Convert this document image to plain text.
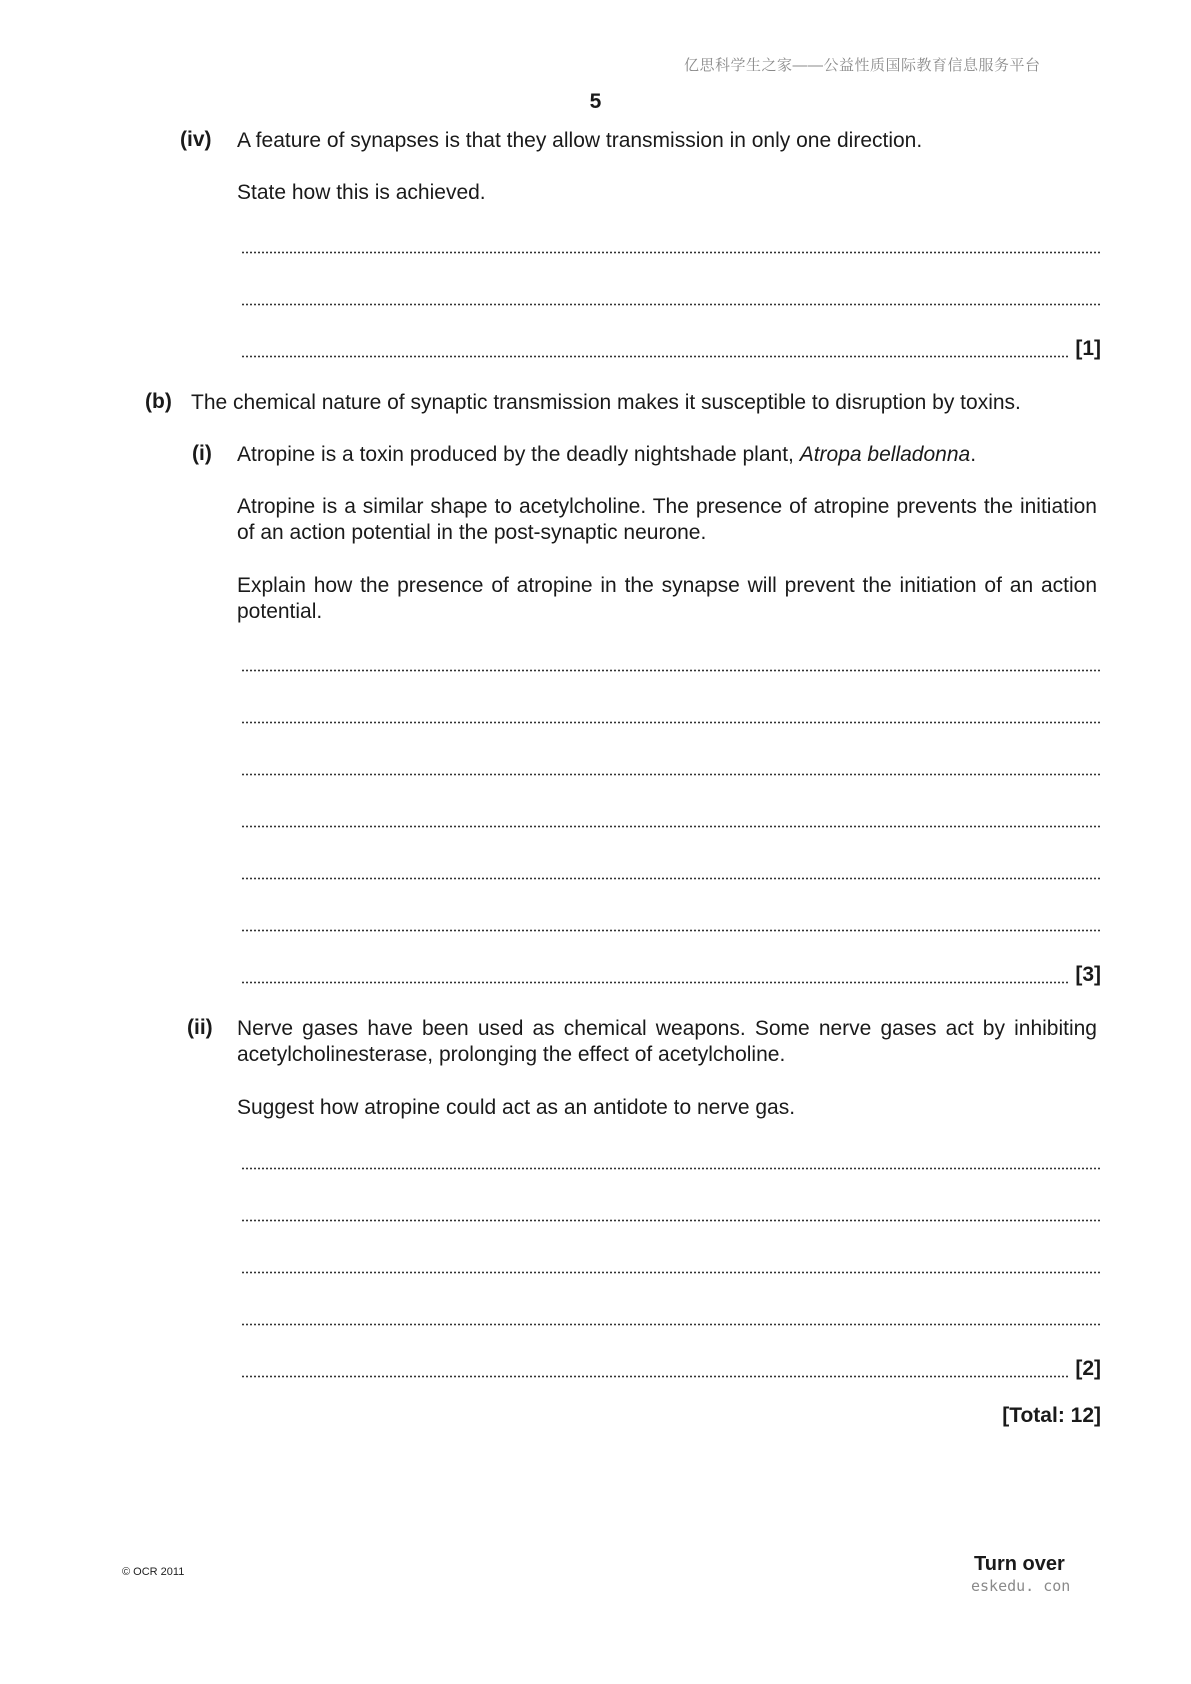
亿思科学生之家——公益性质国际教育信息服务平台
5
(iv) A feature of synapses is that they allow transmission in only one direction.
State how this is achieved.
[1]
(b) The chemical nature of synaptic transmission makes it susceptible to disruption by toxins.
(i) Atropine is a toxin produced by the deadly nightshade plant, Atropa belladonna.
Atropine is a similar shape to acetylcholine. The presence of atropine prevents the initiation of an action potential in the post-synaptic neurone.
Explain how the presence of atropine in the synapse will prevent the initiation of an action potential.
[3]
(ii) Nerve gases have been used as chemical weapons. Some nerve gases act by inhibiting acetylcholinesterase, prolonging the effect of acetylcholine.
Suggest how atropine could act as an antidote to nerve gas.
[2]
[Total: 12]
© OCR 2011	Turn over
eskedu. con
